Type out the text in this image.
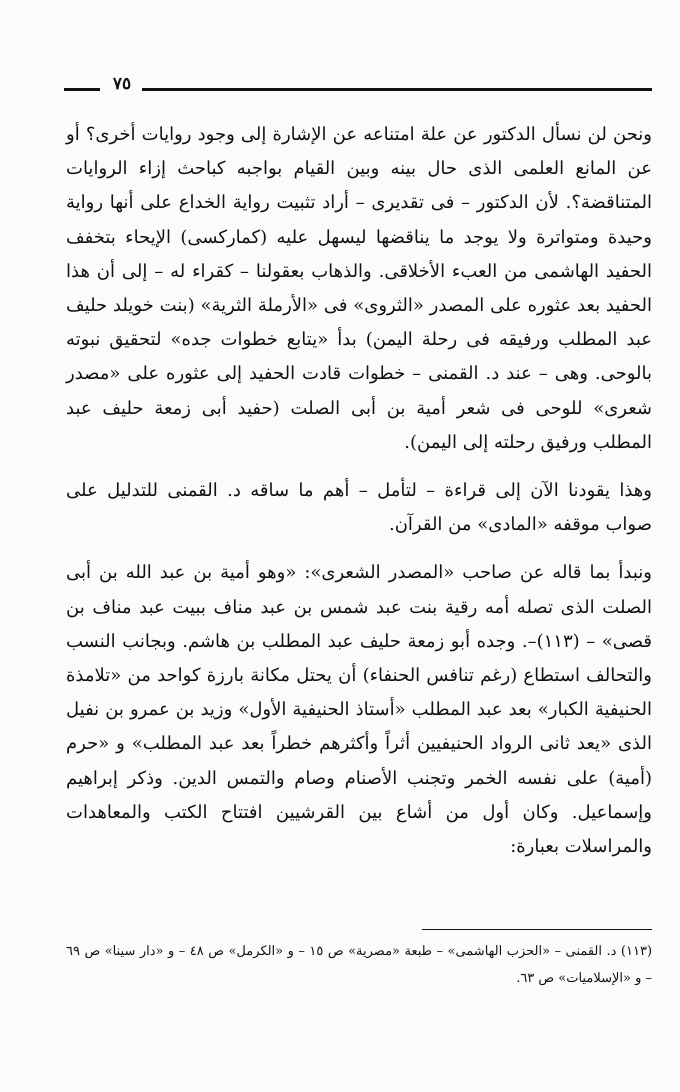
٧٥

ونحن لن نسأل الدكتور عن علة امتناعه عن الإشارة إلى وجود روايات أخرى؟ أو عن المانع العلمى الذى حال بينه وبين القيام بواجبه كباحث إزاء الروايات المتناقضة؟. لأن الدكتور – فى تقديرى – أراد تثبيت رواية الخداع على أنها رواية وحيدة ومتواترة ولا يوجد ما يناقضها ليسهل عليه (كماركسى) الإيحاء بتخفف الحفيد الهاشمى من العبء الأخلاقى. والذهاب بعقولنا – كقراء له – إلى أن هذا الحفيد بعد عثوره على المصدر «الثروى» فى «الأرملة الثرية» (بنت خويلد حليف عبد المطلب ورفيقه فى رحلة اليمن) بدأ «يتابع خطوات جده» لتحقيق نبوته بالوحى. وهى – عند د. القمنى – خطوات قادت الحفيد إلى عثوره على «مصدر شعرى» للوحى فى شعر أمية بن أبى الصلت (حفيد أبى زمعة حليف عبد المطلب ورفيق رحلته إلى اليمن).

وهذا يقودنا الآن إلى قراءة – لتأمل – أهم ما ساقه د. القمنى للتدليل على صواب موقفه «المادى» من القرآن.

ونبدأ بما قاله عن صاحب «المصدر الشعرى»: «وهو أمية بن عبد الله بن أبى الصلت الذى تصله أمه رقية بنت عبد شمس بن عبد مناف ببيت عبد مناف بن قصى» – (١١٣)–. وجده أبو زمعة حليف عبد المطلب بن هاشم. وبجانب النسب والتحالف استطاع (رغم تنافس الحنفاء) أن يحتل مكانة بارزة كواحد من «تلامذة الحنيفية الكبار» بعد عبد المطلب «أستاذ الحنيفية الأول» وزيد بن عمرو بن نفيل الذى «يعد ثانى الرواد الحنيفيين أثراً وأكثرهم خطراً بعد عبد المطلب» و «حرم (أمية) على نفسه الخمر وتجنب الأصنام وصام والتمس الدين. وذكر إبراهيم وإسماعيل. وكان أول من أشاع بين القرشيين افتتاح الكتب والمعاهدات والمراسلات بعبارة:

(١١٣) د. القمنى – «الحزب الهاشمى» – طبعة «مصرية» ص ١٥ – و «الكرمل» ص ٤٨ – و «دار سينا» ص ٦٩ – و «الإسلاميات» ص ٦٣.
